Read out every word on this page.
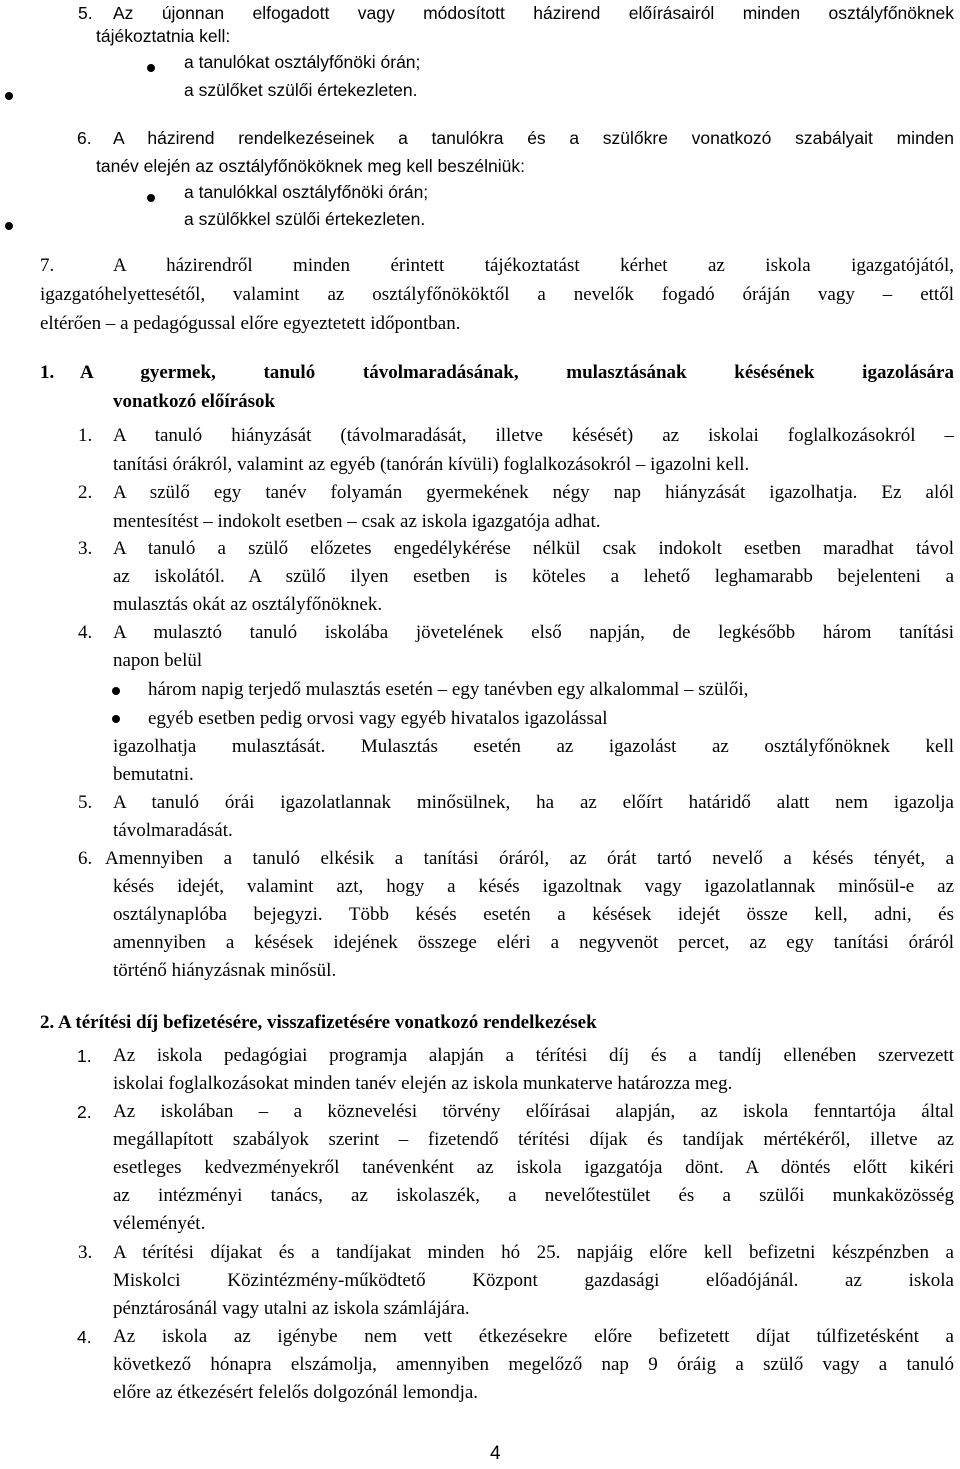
5. Az újonnan elfogadott vagy módosított házirend előírásairól minden osztályfőnöknek
tájékoztatnia kell:
a tanulókat osztályfőnöki órán;
a szülőket szülői értekezleten.
6. A házirend rendelkezéseinek a tanulókra és a szülőkre vonatkozó szabályait minden
tanév elején az osztályfőnököknek meg kell beszélniük:
a tanulókkal osztályfőnöki órán;
a szülőkkel szülői értekezleten.
7.	A házirendről minden érintett tájékoztatást kérhet az iskola igazgatójától,
igazgatóhelyettesétől, valamint az osztályfőnököktől a nevelők fogadó óráján vagy ‒ ettől
eltérően ‒ a pedagógussal előre egyeztetett időpontban.
1. A gyermek, tanuló távolmaradásának, mulasztásának késésének igazolására
vonatkozó előírások
1. A tanuló hiányzását (távolmaradását, illetve késését) az iskolai foglalkozásokról ‒
tanítási órákról, valamint az egyéb (tanórán kívüli) foglalkozásokról ‒ igazolni kell.
2. A szülő egy tanév folyamán gyermekének négy nap hiányzását igazolhatja. Ez alól
mentesítést ‒ indokolt esetben ‒ csak az iskola igazgatója adhat.
3. A tanuló a szülő előzetes engedélykérése nélkül csak indokolt esetben maradhat távol
az iskolától. A szülő ilyen esetben is köteles a lehető leghamarabb bejelenteni a
mulasztás okát az osztályfőnöknek.
4. A mulasztó tanuló iskolába jövetelének első napján, de legkésőbb három tanítási
napon belül
három napig terjedő mulasztás esetén ‒ egy tanévben egy alkalommal ‒ szülői,
egyéb esetben pedig orvosi vagy egyéb hivatalos igazolással
igazolhatja mulasztását. Mulasztás esetén az igazolást az osztályfőnöknek kell
bemutatni.
5. A tanuló órái igazolatlannak minősülnek, ha az előírt határidő alatt nem igazolja
távolmaradását.
6. Amennyiben a tanuló elkésik a tanítási óráról, az órát tartó nevelő a késés tényét, a
késés idejét, valamint azt, hogy a késés igazoltnak vagy igazolatlannak minősül-e az
osztálynaplóba bejegyzi. Több késés esetén a késések idejét össze kell, adni, és
amennyiben a késések idejének összege eléri a negyvenöt percet, az egy tanítási óráról
történő hiányzásnak minősül.
2. A térítési díj befizetésére, visszafizetésére vonatkozó rendelkezések
1. Az iskola pedagógiai programja alapján a térítési díj és a tandíj ellenében szervezett
iskolai foglalkozásokat minden tanév elején az iskola munkaterve határozza meg.
2. Az iskolában ‒ a köznevelési törvény előírásai alapján, az iskola fenntartója által
megállapított szabályok szerint ‒ fizetendő térítési díjak és tandíjak mértékéről, illetve az
esetleges kedvezményekről tanévenként az iskola igazgatója dönt. A döntés előtt kikéri
az intézményi tanács, az iskolaszék, a nevelőtestület és a szülői munkaközösség
véleményét.
3. A térítési díjakat és a tandíjakat minden hó 25. napjáig előre kell befizetni készpénzben a
Miskolci Közintézmény-működtető Központ gazdasági előadójánál. az iskola
pénztárosánál vagy utalni az iskola számlájára.
4. Az iskola az igénybe nem vett étkezésekre előre befizetett díjat túlfizetésként a
következő hónapra elszámolja, amennyiben megelőző nap 9 óráig a szülő vagy a tanuló
előre az étkezésért felelős dolgozónál lemondja.
4
